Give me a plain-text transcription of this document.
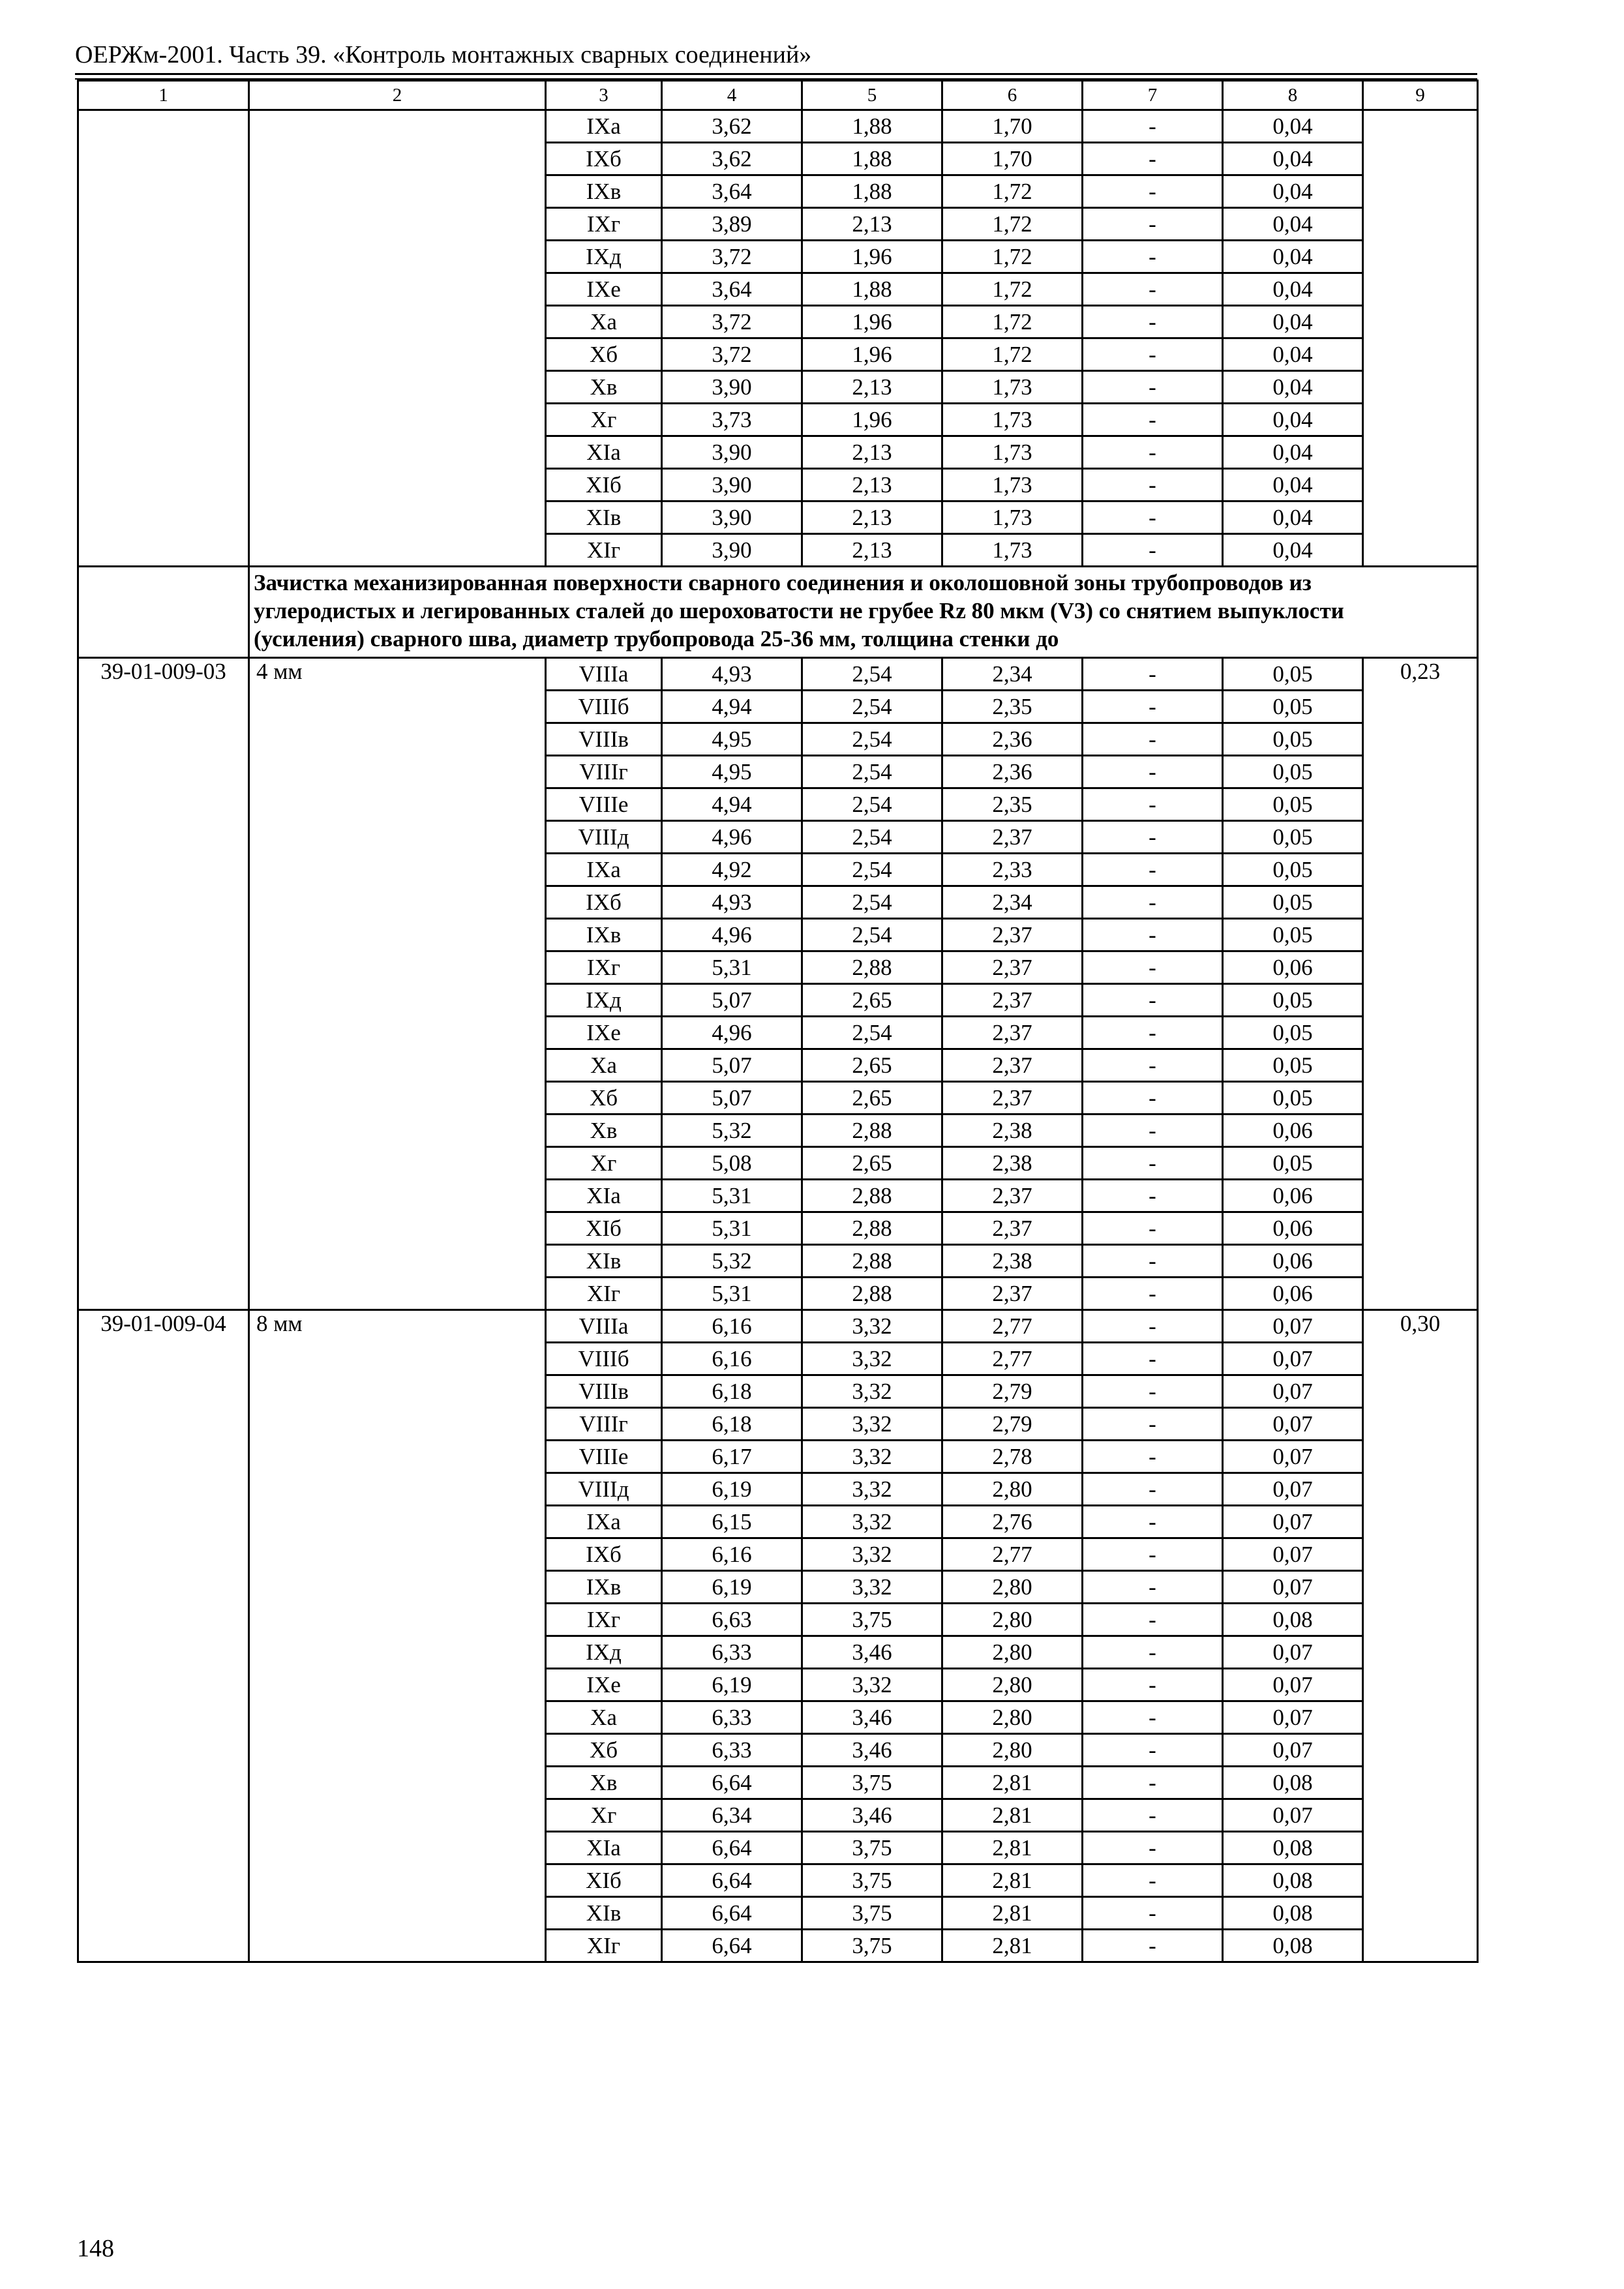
ОЕРЖм-2001. Часть 39. «Контроль монтажных сварных соединений»
1	2	3	4	5	6	7	8	9
		IXа	3,62	1,88	1,70	-	0,04	
		IXб	3,62	1,88	1,70	-	0,04	
		IXв	3,64	1,88	1,72	-	0,04	
		IXг	3,89	2,13	1,72	-	0,04	
		IXд	3,72	1,96	1,72	-	0,04	
		IXе	3,64	1,88	1,72	-	0,04	
		Xа	3,72	1,96	1,72	-	0,04	
		Xб	3,72	1,96	1,72	-	0,04	
		Xв	3,90	2,13	1,73	-	0,04	
		Xг	3,73	1,96	1,73	-	0,04	
		XIа	3,90	2,13	1,73	-	0,04	
		XIб	3,90	2,13	1,73	-	0,04	
		XIв	3,90	2,13	1,73	-	0,04	
		XIг	3,90	2,13	1,73	-	0,04	
	Зачистка механизированная поверхности сварного соединения и околошовной зоны трубопроводов из углеродистых и легированных сталей до шероховатости не грубее Rz 80 мкм (V3) со снятием выпуклости (усиления) сварного шва, диаметр трубопровода 25-36 мм, толщина стенки до							
39-01-009-03	4 мм	VIIIа	4,93	2,54	2,34	-	0,05	0,23
		VIIIб	4,94	2,54	2,35	-	0,05	
		VIIIв	4,95	2,54	2,36	-	0,05	
		VIIIг	4,95	2,54	2,36	-	0,05	
		VIIIе	4,94	2,54	2,35	-	0,05	
		VIIIд	4,96	2,54	2,37	-	0,05	
		IXа	4,92	2,54	2,33	-	0,05	
		IXб	4,93	2,54	2,34	-	0,05	
		IXв	4,96	2,54	2,37	-	0,05	
		IXг	5,31	2,88	2,37	-	0,06	
		IXд	5,07	2,65	2,37	-	0,05	
		IXе	4,96	2,54	2,37	-	0,05	
		Xа	5,07	2,65	2,37	-	0,05	
		Xб	5,07	2,65	2,37	-	0,05	
		Xв	5,32	2,88	2,38	-	0,06	
		Xг	5,08	2,65	2,38	-	0,05	
		XIа	5,31	2,88	2,37	-	0,06	
		XIб	5,31	2,88	2,37	-	0,06	
		XIв	5,32	2,88	2,38	-	0,06	
		XIг	5,31	2,88	2,37	-	0,06	
39-01-009-04	8 мм	VIIIа	6,16	3,32	2,77	-	0,07	0,30
		VIIIб	6,16	3,32	2,77	-	0,07	
		VIIIв	6,18	3,32	2,79	-	0,07	
		VIIIг	6,18	3,32	2,79	-	0,07	
		VIIIе	6,17	3,32	2,78	-	0,07	
		VIIIд	6,19	3,32	2,80	-	0,07	
		IXа	6,15	3,32	2,76	-	0,07	
		IXб	6,16	3,32	2,77	-	0,07	
		IXв	6,19	3,32	2,80	-	0,07	
		IXг	6,63	3,75	2,80	-	0,08	
		IXд	6,33	3,46	2,80	-	0,07	
		IXе	6,19	3,32	2,80	-	0,07	
		Xа	6,33	3,46	2,80	-	0,07	
		Xб	6,33	3,46	2,80	-	0,07	
		Xв	6,64	3,75	2,81	-	0,08	
		Xг	6,34	3,46	2,81	-	0,07	
		XIа	6,64	3,75	2,81	-	0,08	
		XIб	6,64	3,75	2,81	-	0,08	
		XIв	6,64	3,75	2,81	-	0,08	
		XIг	6,64	3,75	2,81	-	0,08	
148
